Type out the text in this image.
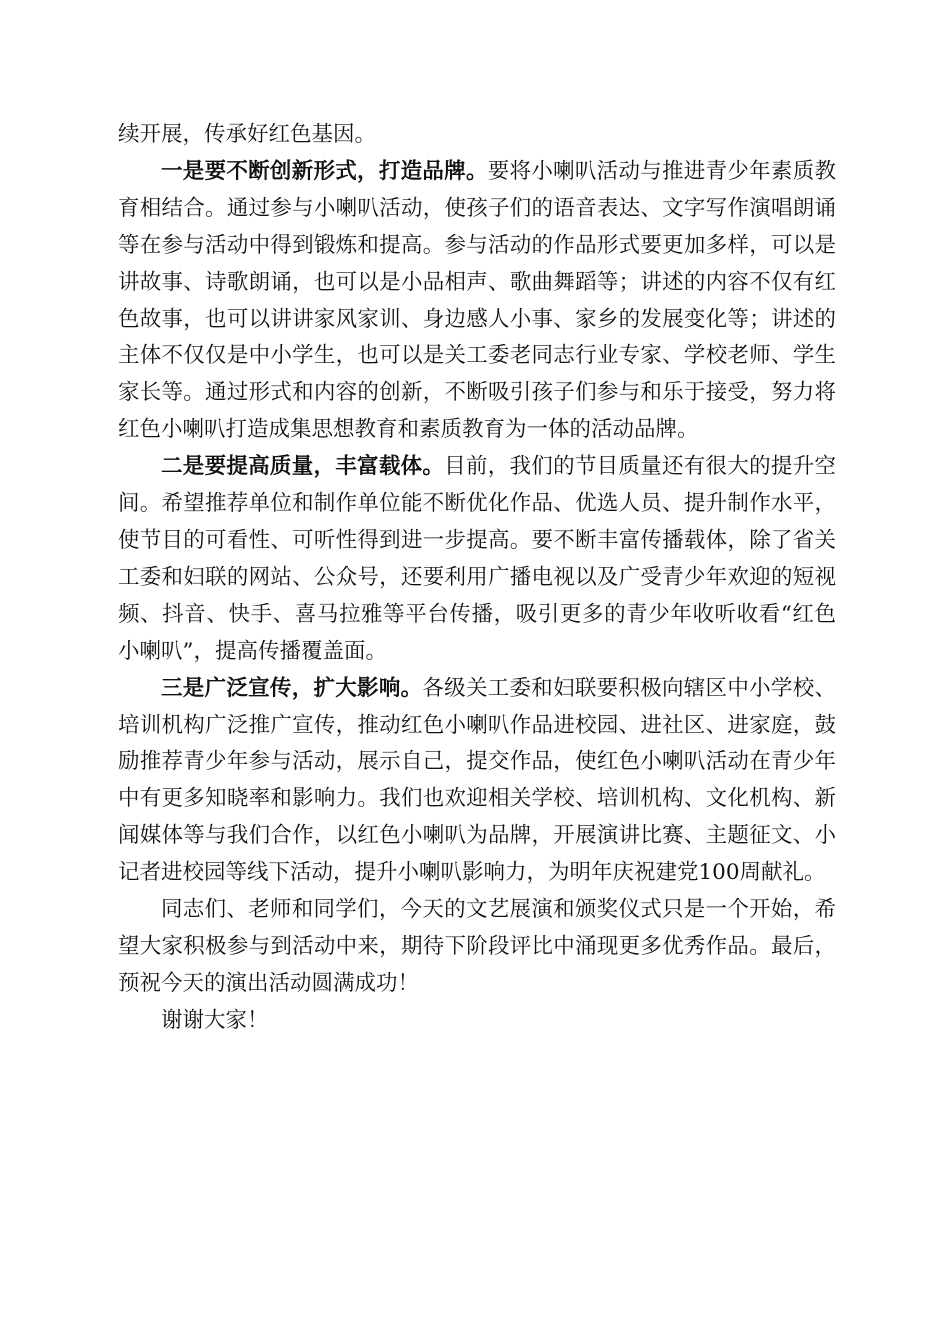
续开展，传承好红色基因。

一是要不断创新形式，打造品牌。要将小喇叭活动与推进青少年素质教育相结合。通过参与小喇叭活动，使孩子们的语音表达、文字写作演唱朗诵等在参与活动中得到锻炼和提高。参与活动的作品形式要更加多样，可以是讲故事、诗歌朗诵，也可以是小品相声、歌曲舞蹈等；讲述的内容不仅有红色故事，也可以讲讲家风家训、身边感人小事、家乡的发展变化等；讲述的主体不仅仅是中小学生，也可以是关工委老同志行业专家、学校老师、学生家长等。通过形式和内容的创新，不断吸引孩子们参与和乐于接受，努力将红色小喇叭打造成集思想教育和素质教育为一体的活动品牌。

二是要提高质量，丰富载体。目前，我们的节目质量还有很大的提升空间。希望推荐单位和制作单位能不断优化作品、优选人员、提升制作水平，使节目的可看性、可听性得到进一步提高。要不断丰富传播载体，除了省关工委和妇联的网站、公众号，还要利用广播电视以及广受青少年欢迎的短视频、抖音、快手、喜马拉雅等平台传播，吸引更多的青少年收听收看“红色小喇叭”，提高传播覆盖面。

三是广泛宣传，扩大影响。各级关工委和妇联要积极向辖区中小学校、培训机构广泛推广宣传，推动红色小喇叭作品进校园、进社区、进家庭，鼓励推荐青少年参与活动，展示自己，提交作品，使红色小喇叭活动在青少年中有更多知晓率和影响力。我们也欢迎相关学校、培训机构、文化机构、新闻媒体等与我们合作，以红色小喇叭为品牌，开展演讲比赛、主题征文、小记者进校园等线下活动，提升小喇叭影响力，为明年庆祝建党100周献礼。

同志们、老师和同学们，今天的文艺展演和颁奖仪式只是一个开始，希望大家积极参与到活动中来，期待下阶段评比中涌现更多优秀作品。最后，预祝今天的演出活动圆满成功！

谢谢大家！
